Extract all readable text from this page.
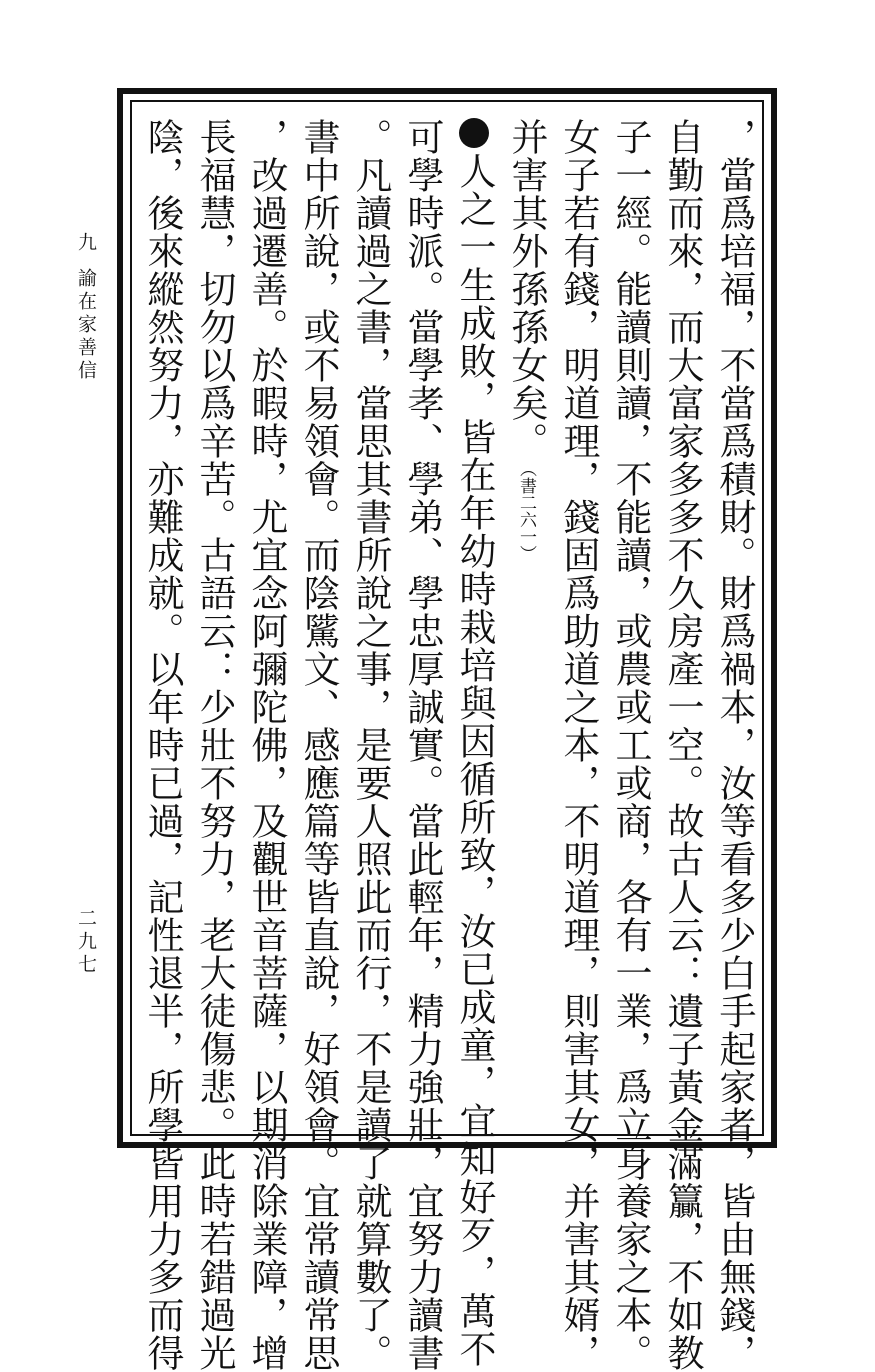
九
諭在家善信
二九七	，當爲培福，不當爲積財。財爲禍本，汝等看多少白手起家者，皆由無錢，
自勤而來，而大富家多多不久房產一空。故古人云：遺子黃金滿籯，不如教
子一經。能讀則讀，不能讀，或農或工或商，各有一業，爲立身養家之本。
女子若有錢，明道理，錢固爲助道之本，不明道理，則害其女，并害其婿，
并害其外孫孫女矣。（書二六一）
人之一生成敗，皆在年幼時栽培與因循所致，汝已成童，宜知好歹，萬不
可學時派。當學孝、學弟、學忠厚誠實。當此輕年，精力強壯，宜努力讀書
。凡讀過之書，當思其書所說之事，是要人照此而行，不是讀了就算數了。
書中所說，或不易領會。而陰騭文、感應篇等皆直說，好領會。宜常讀常思
，改過遷善。於暇時，尤宜念阿彌陀佛，及觀世音菩薩，以期消除業障，增
長福慧，切勿以爲辛苦。古語云：少壯不努力，老大徒傷悲。此時若錯過光
陰，後來縱然努力，亦難成就。以年時已過，記性退半，所學皆用力多而得
